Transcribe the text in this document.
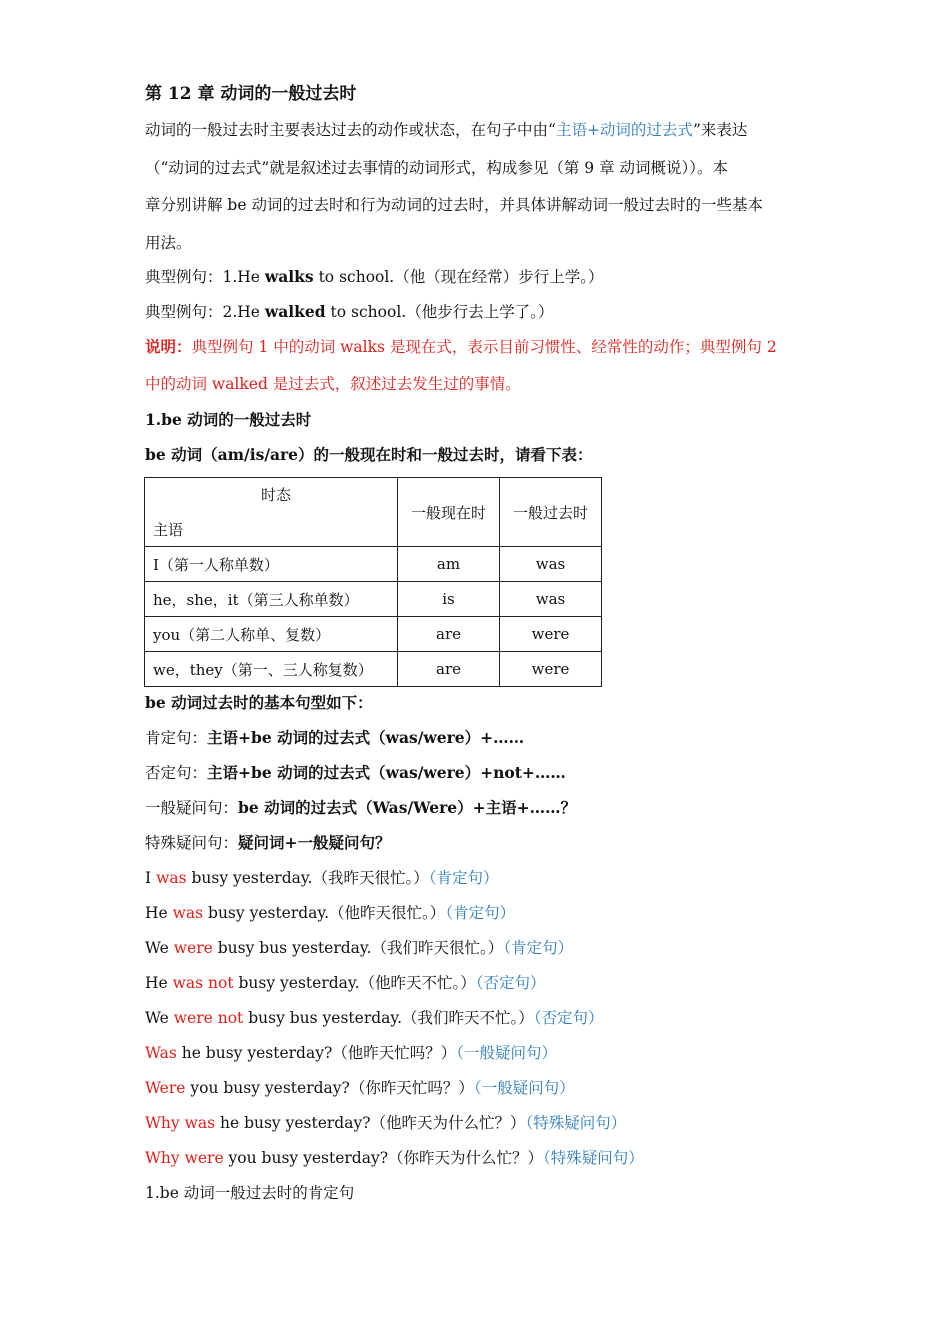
第 12 章 动词的一般过去时
动词的一般过去时主要表达过去的动作或状态，在句子中由“主语+动词的过去式”来表达
（“动词的过去式”就是叙述过去事情的动词形式，构成参见（第 9 章 动词概说））。本
章分别讲解 be 动词的过去时和行为动词的过去时，并具体讲解动词一般过去时的一些基本
用法。
典型例句：1.He walks to school.（他（现在经常）步行上学。）
典型例句：2.He walked to school.（他步行去上学了。）
说明：典型例句 1 中的动词 walks 是现在式，表示目前习惯性、经常性的动作；典型例句 2
中的动词 walked 是过去式，叙述过去发生过的事情。
1.be 动词的一般过去时
be 动词（am/is/are）的一般现在时和一般过去时，请看下表：
时态
主语	一般现在时	一般过去时
I（第一人称单数）	am	was
he，she，it（第三人称单数）	is	was
you（第二人称单、复数）	are	were
we，they（第一、三人称复数）	are	were
be 动词过去时的基本句型如下：
肯定句：主语+be 动词的过去式（was/were）+……
否定句：主语+be 动词的过去式（was/were）+not+……
一般疑问句：be 动词的过去式（Was/Were）+主语+……？
特殊疑问句：疑问词+一般疑问句？
I was busy yesterday.（我昨天很忙。）（肯定句）
He was busy yesterday.（他昨天很忙。）（肯定句）
We were busy bus yesterday.（我们昨天很忙。）（肯定句）
He was not busy yesterday.（他昨天不忙。）（否定句）
We were not busy bus yesterday.（我们昨天不忙。）（否定句）
Was he busy yesterday?（他昨天忙吗？）（一般疑问句）
Were you busy yesterday?（你昨天忙吗？）（一般疑问句）
Why was he busy yesterday?（他昨天为什么忙？）（特殊疑问句）
Why were you busy yesterday?（你昨天为什么忙？）（特殊疑问句）
1.be 动词一般过去时的肯定句
